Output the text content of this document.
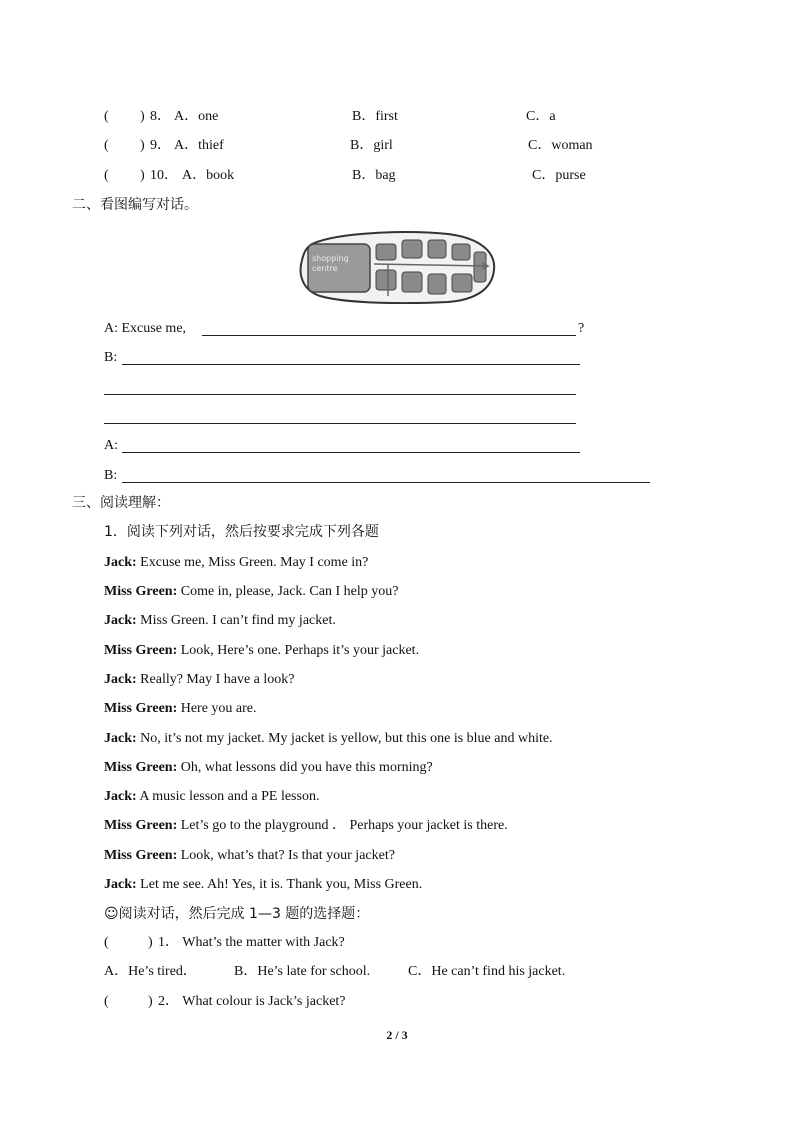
( ) 8． A．one	B．first	C．a
( ) 9． A．thief	B．girl	C．woman
( ) 10． A．book	B．bag	C．purse
二、看图编写对话。
shopping centre
A: Excuse me,	?
B:
A:
B:
三、阅读理解：
1．阅读下列对话，然后按要求完成下列各题
Jack: Excuse me, Miss Green. May I come in?
Miss Green: Come in, please, Jack. Can I help you?
Jack: Miss Green. I can’t find my jacket.
Miss Green: Look, Here’s one. Perhaps it’s your jacket.
Jack: Really? May I have a look?
Miss Green: Here you are.
Jack: No, it’s not my jacket. My jacket is yellow, but this one is blue and white.
Miss Green: Oh, what lessons did you have this morning?
Jack: A music lesson and a PE lesson.
Miss Green: Let’s go to the playground ． Perhaps your jacket is there.
Miss Green: Look, what’s that? Is that your jacket?
Jack: Let me see. Ah! Yes, it is. Thank you, Miss Green.
☺阅读对话，然后完成 1—3 题的选择题：
(	) 1． What’s the matter with Jack?
A．He’s tired．	B．He’s late for school.	C．He can’t find his jacket.
(	) 2． What colour is Jack’s jacket?
2 / 3
